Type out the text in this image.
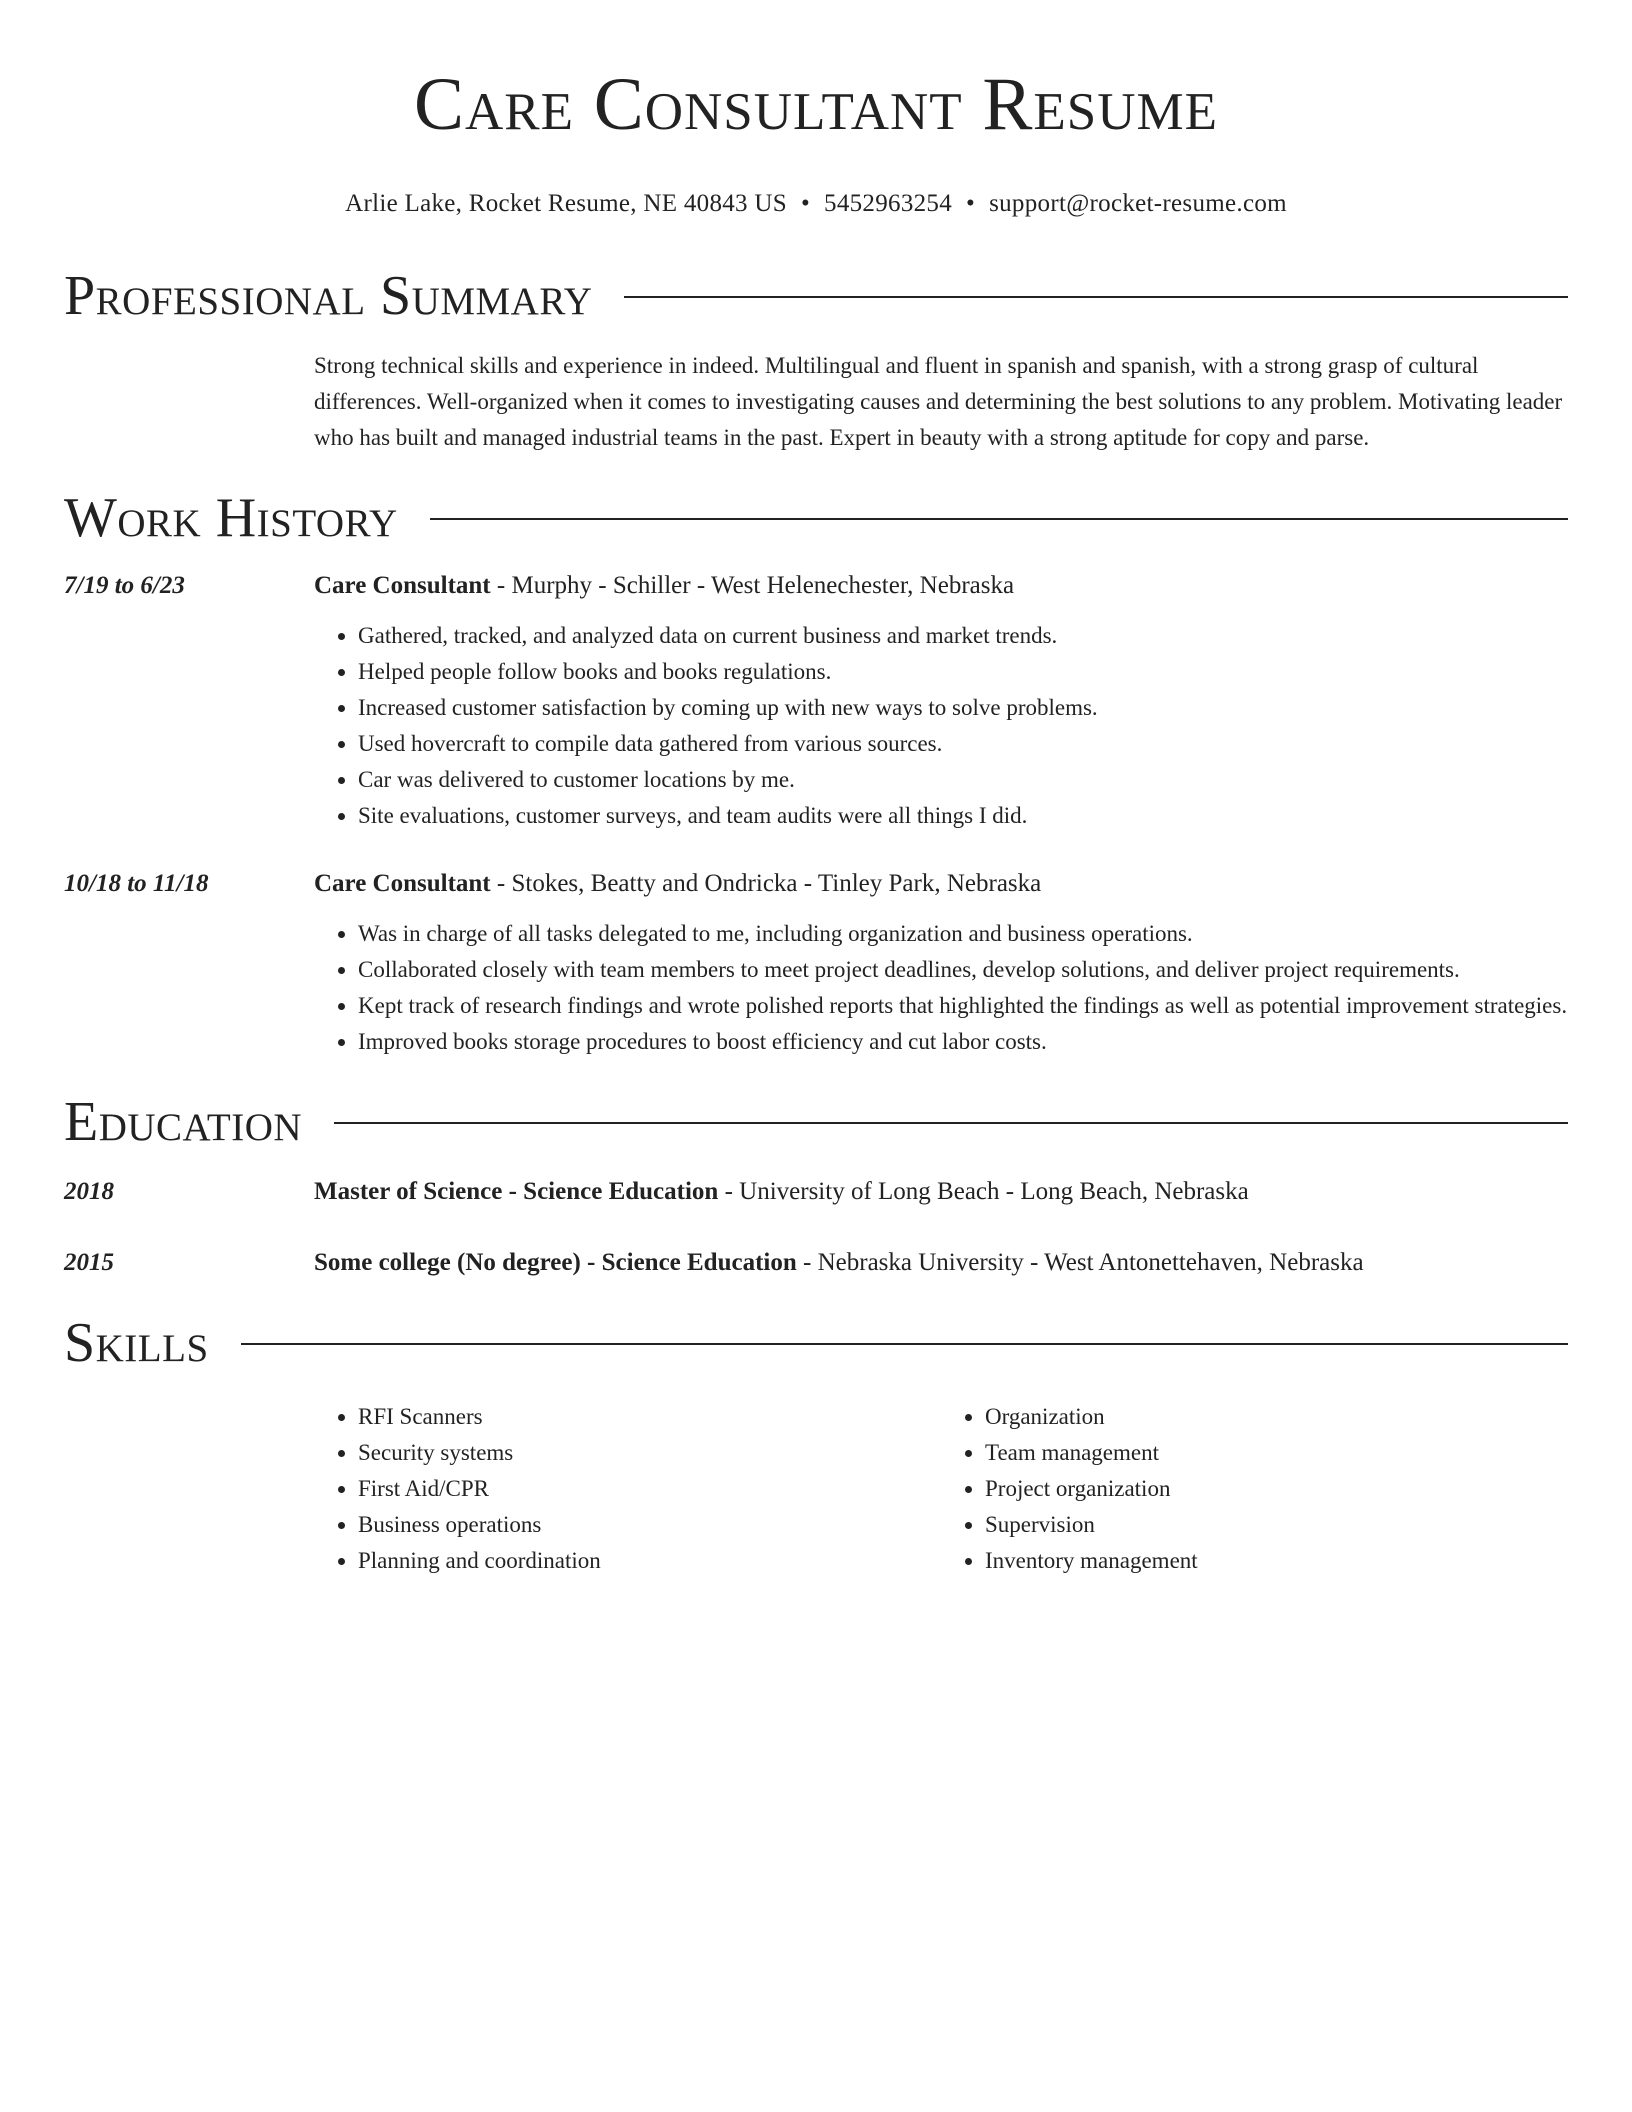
Care Consultant Resume
Arlie Lake, Rocket Resume, NE 40843 US • 5452963254 • support@rocket-resume.com
Professional Summary
Strong technical skills and experience in indeed. Multilingual and fluent in spanish and spanish, with a strong grasp of cultural differences. Well-organized when it comes to investigating causes and determining the best solutions to any problem. Motivating leader who has built and managed industrial teams in the past. Expert in beauty with a strong aptitude for copy and parse.
Work History
7/19 to 6/23	Care Consultant - Murphy - Schiller - West Helenechester, Nebraska
• Gathered, tracked, and analyzed data on current business and market trends.
• Helped people follow books and books regulations.
• Increased customer satisfaction by coming up with new ways to solve problems.
• Used hovercraft to compile data gathered from various sources.
• Car was delivered to customer locations by me.
• Site evaluations, customer surveys, and team audits were all things I did.
10/18 to 11/18	Care Consultant - Stokes, Beatty and Ondricka - Tinley Park, Nebraska
• Was in charge of all tasks delegated to me, including organization and business operations.
• Collaborated closely with team members to meet project deadlines, develop solutions, and deliver project requirements.
• Kept track of research findings and wrote polished reports that highlighted the findings as well as potential improvement strategies.
• Improved books storage procedures to boost efficiency and cut labor costs.
Education
2018	Master of Science - Science Education - University of Long Beach - Long Beach, Nebraska
2015	Some college (No degree) - Science Education - Nebraska University - West Antonettehaven, Nebraska
Skills
• RFI Scanners
• Security systems
• First Aid/CPR
• Business operations
• Planning and coordination
• Organization
• Team management
• Project organization
• Supervision
• Inventory management
